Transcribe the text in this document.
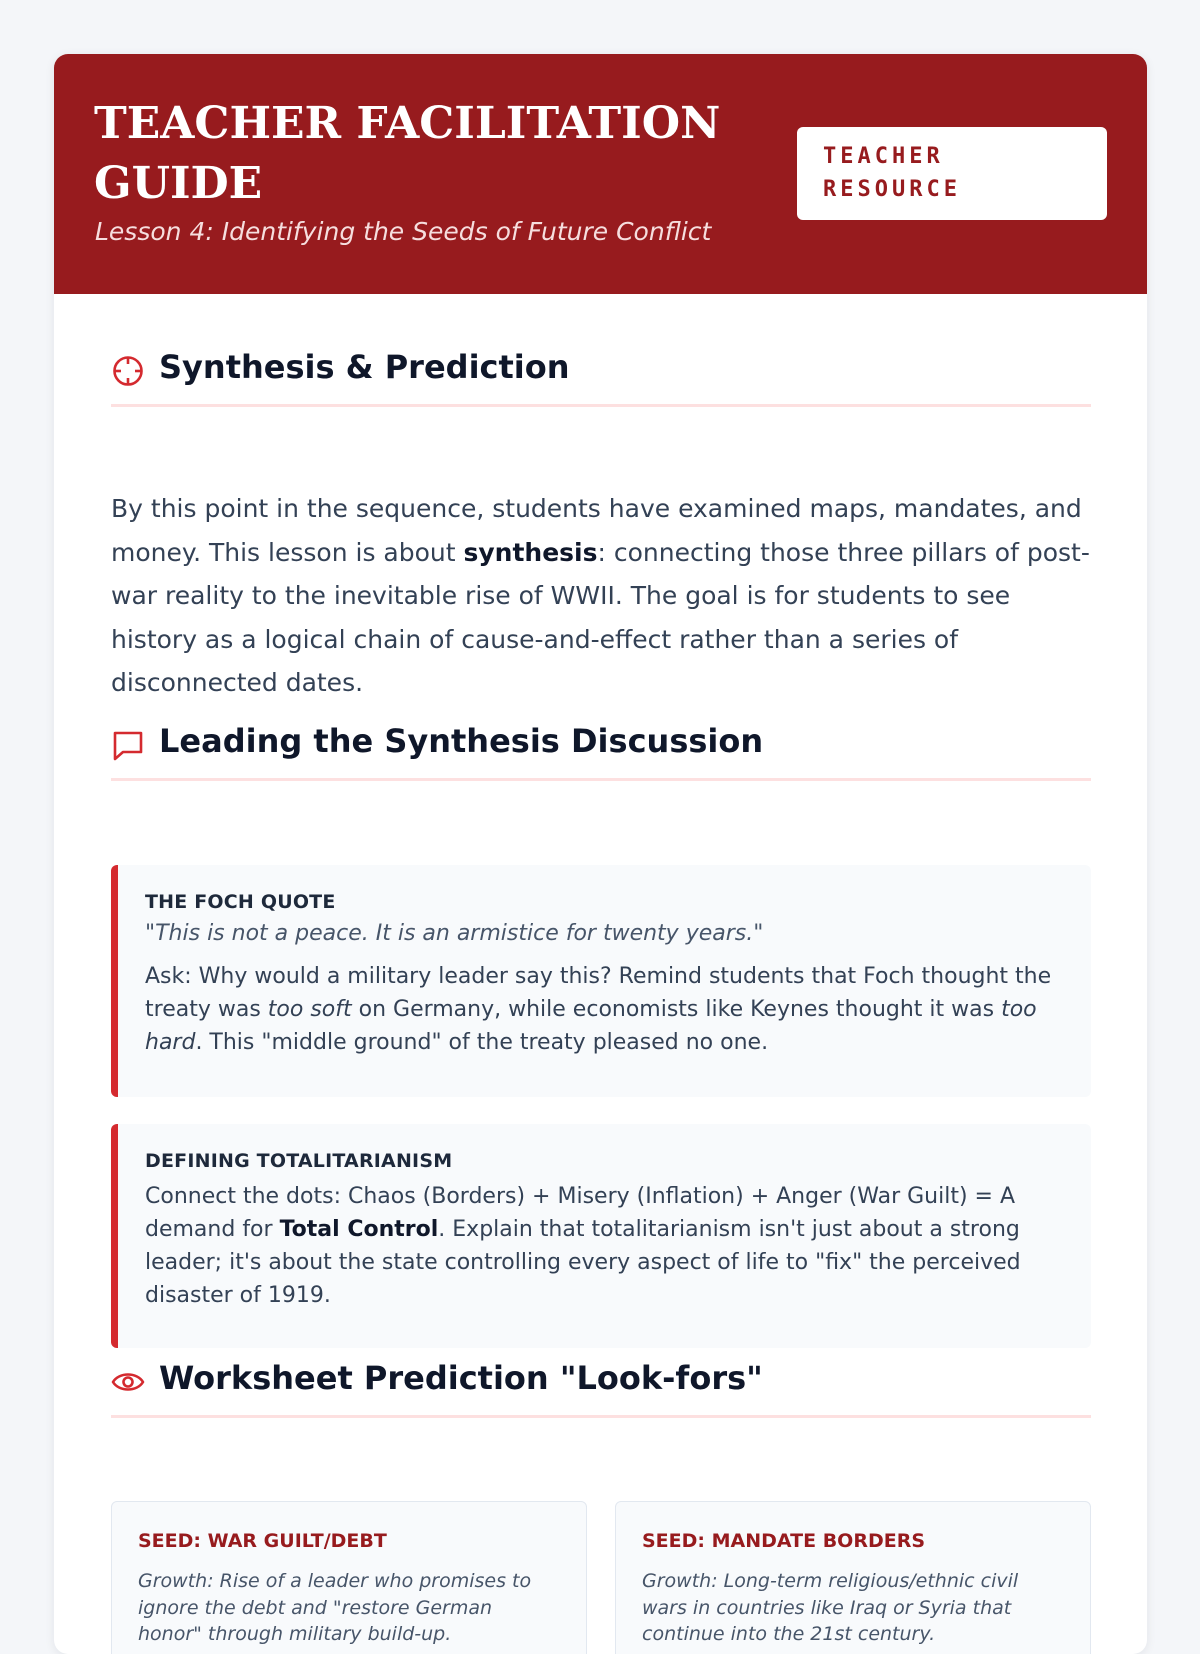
TEACHER FACILITATION GUIDE

Lesson 4: Identifying the Seeds of Future Conflict

TEACHER RESOURCE
Synthesis & Prediction

By this point in the sequence, students have examined maps, mandates, and money. This lesson is about synthesis: connecting those three pillars of post-war reality to the inevitable rise of WWII. The goal is for students to see history as a logical chain of cause-and-effect rather than a series of disconnected dates.

Leading the Synthesis Discussion

THE FOCH QUOTE

"This is not a peace. It is an armistice for twenty years."

Ask: Why would a military leader say this? Remind students that Foch thought the treaty was too soft on Germany, while economists like Keynes thought it was too hard. This "middle ground" of the treaty pleased no one.

DEFINING TOTALITARIANISM

Connect the dots: Chaos (Borders) + Misery (Inflation) + Anger (War Guilt) = A demand for Total Control. Explain that totalitarianism isn't just about a strong leader; it's about the state controlling every aspect of life to "fix" the perceived disaster of 1919.

Worksheet Prediction "Look-fors"

SEED: WAR GUILT/DEBT

Growth: Rise of a leader who promises to ignore the debt and "restore German honor" through military build-up.

SEED: MANDATE BORDERS

Growth: Long-term religious/ethnic civil wars in countries like Iraq or Syria that continue into the 21st century.
